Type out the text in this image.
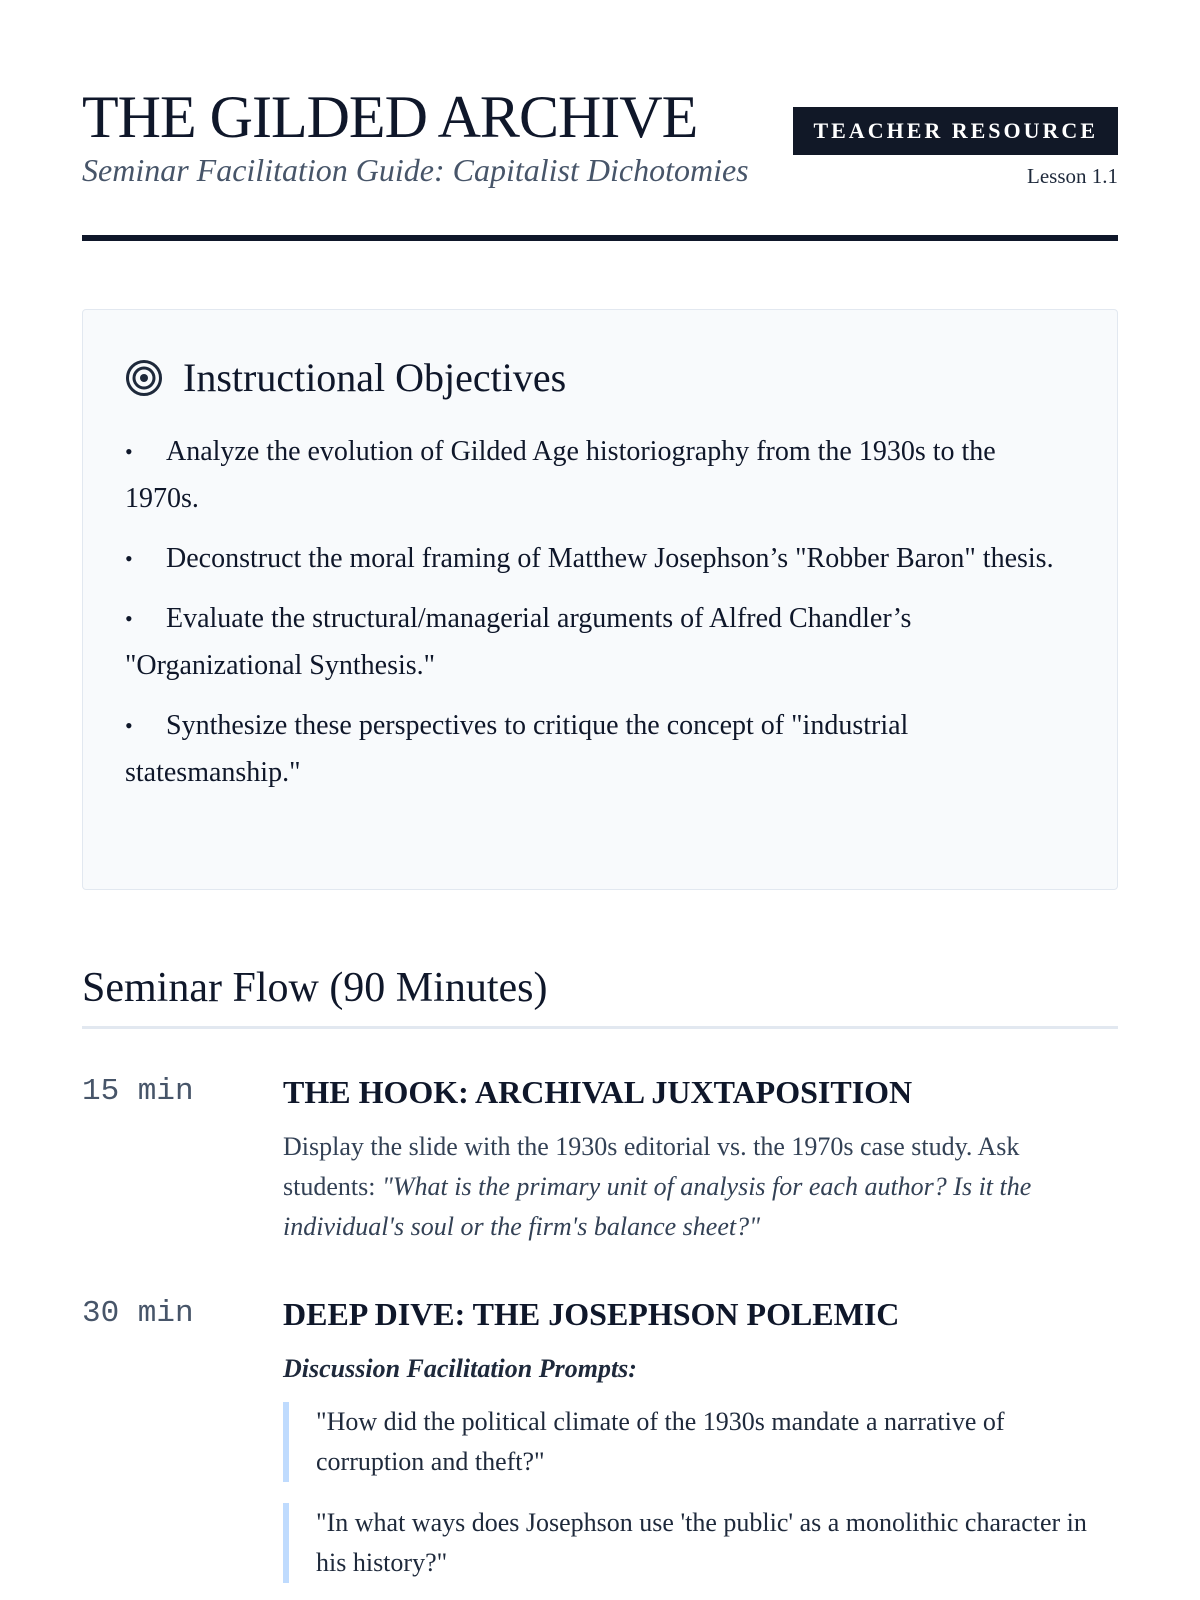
THE GILDED ARCHIVE

Seminar Facilitation Guide: Capitalist Dichotomies

TEACHER RESOURCE
Lesson 1.1
Instructional Objectives
• Analyze the evolution of Gilded Age historiography from the 1930s to the 1970s.
• Deconstruct the moral framing of Matthew Josephson’s "Robber Baron" thesis.
• Evaluate the structural/managerial arguments of Alfred Chandler’s "Organizational Synthesis."
• Synthesize these perspectives to critique the concept of "industrial statesmanship."
Seminar Flow (90 Minutes)
15 min	THE HOOK: ARCHIVAL JUXTAPOSITION

Display the slide with the 1930s editorial vs. the 1970s case study. Ask students: "What is the primary unit of analysis for each author? Is it the individual's soul or the firm's balance sheet?"

30 min	DEEP DIVE: THE JOSEPHSON POLEMIC

Discussion Facilitation Prompts:

"How did the political climate of the 1930s mandate a narrative of corruption and theft?"
"In what ways does Josephson use 'the public' as a monolithic character in his history?"
